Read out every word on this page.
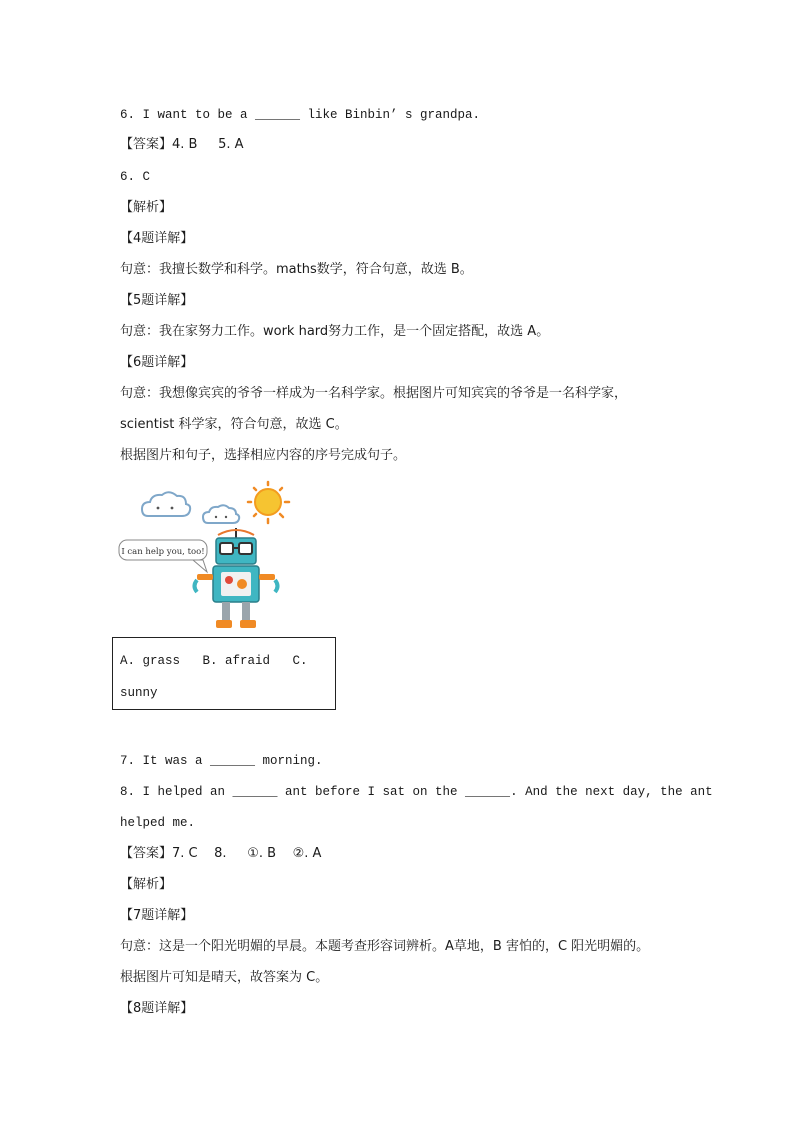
6. I want to be a ______ like Binbin’ s grandpa.
【答案】4. B     5. A
6. C
【解析】
【4题详解】
句意：我擅长数学和科学。maths数学，符合句意，故选 B。
【5题详解】
句意：我在家努力工作。work hard努力工作，是一个固定搭配，故选 A。
【6题详解】
句意：我想像宾宾的爷爷一样成为一名科学家。根据图片可知宾宾的爷爷是一名科学家，
scientist 科学家，符合句意，故选 C。
根据图片和句子，选择相应内容的序号完成句子。
I can help you, too!
A. grass   B. afraid   C.
sunny
7. It was a ______ morning.
8. I helped an ______ ant before I sat on the ______. And the next day, the ant
helped me.
【答案】7. C    8.     ①. B    ②. A
【解析】
【7题详解】
句意：这是一个阳光明媚的早晨。本题考查形容词辨析。A草地，B 害怕的，C 阳光明媚的。
根据图片可知是晴天，故答案为 C。
【8题详解】
